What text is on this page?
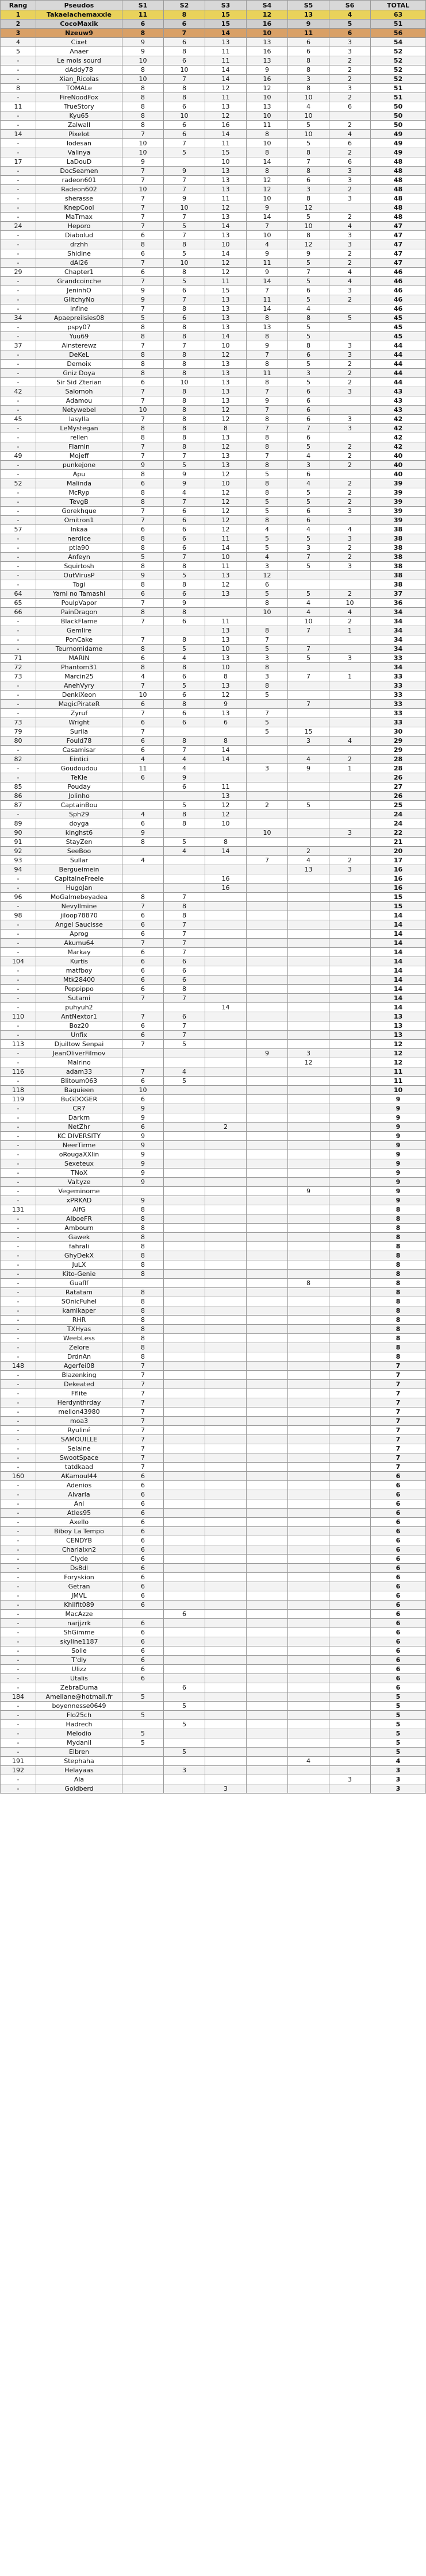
Rang	Pseudos	S1	S2	S3	S4	S5	S6	TOTAL
1	Takaelachemaxxle	11	8	15	12	13	4	63
2	CocoMaxik	6	6	15	16	9	5	51
3	Nzeuw9	8	7	14	10	11	6	56
4	Cixet	9	6	13	13	6	3	54
5	Anaer	9	8	11	16	6	3	52
-	Le mois sourd	10	6	11	13	8	2	52
-	dAddy78	8	10	14	9	8	2	52
-	Xian_Ricolas	10	7	14	16	3	2	52
8	TOMALe	8	8	12	12	8	3	51
-	FireNoodFox	8	8	11	10	10	2	51
11	TrueStory	8	6	13	13	4	6	50
-	Kyu65	8	10	12	10	10		50
-	Zalwall	8	6	16	11	5	2	50
14	Pixelot	7	6	14	8	10	4	49
-	lodesan	10	7	11	10	5	6	49
-	Valinya	10	5	15	8	8	2	49
17	LaDouD	9		10	14	7	6	48
-	DocSeamen	7	9	13	8	8	3	48
-	radeon601	7	7	13	12	6	3	48
-	Radeon602	10	7	13	12	3	2	48
-	sherasse	7	9	11	10	8	3	48
-	KnepCool	7	10	12	9	12		48
-	MaTmax	7	7	13	14	5	2	48
24	Heporo	7	5	14	7	10	4	47
-	Diabolud	6	7	13	10	8	3	47
-	drzhh	8	8	10	4	12	3	47
-	Shidine	6	5	14	9	9	2	47
-	dAl26	7	10	12	11	5	2	47
29	Chapter1	6	8	12	9	7	4	46
-	Grandcoinche	7	5	11	14	5	4	46
-	JeninhO	9	6	15	7	6	3	46
-	GlitchyNo	9	7	13	11	5	2	46
-	InfIne	7	8	13	14	4		46
34	Apaepreilsies08	5	6	13	8	8	5	45
-	pspy07	8	8	13	13	5		45
-	Yuu69	8	8	14	8	5		45
37	Ainsterewz	7	7	10	9	8	3	44
-	DeKeL	8	8	12	7	6	3	44
-	Demoix	8	8	13	8	5	2	44
-	Gniz Doya	8	8	13	11	3	2	44
-	Sir Sid Zterian	6	10	13	8	5	2	44
42	Salomoh	7	8	13	7	6	3	43
-	Adamou	7	8	13	9	6		43
-	Netywebel	10	8	12	7	6		43
45	lasylla	7	8	12	8	6	3	42
-	LeMystegan	8	8	8	7	7	3	42
-	rellen	8	8	13	8	6		42
-	Flamin	7	8	12	8	5	2	42
49	Mojeff	7	7	13	7	4	2	40
-	punkejone	9	5	13	8	3	2	40
-	Apu	8	9	12	5	6		40
52	Malinda	6	9	10	8	4	2	39
-	McRyp	8	4	12	8	5	2	39
-	TevgB	8	7	12	5	5	2	39
-	Gorekhque	7	6	12	5	6	3	39
-	Omitron1	7	6	12	8	6		39
57	Inkaa	6	6	12	4	4	4	38
-	nerdice	8	6	11	5	5	3	38
-	ptla90	8	6	14	5	3	2	38
-	Anfeyn	5	7	10	4	7	2	38
-	Squirtosh	8	8	11	3	5	3	38
-	OutVirusP	9	5	13	12			38
-	Togi	8	8	12	6			38
64	Yami no Tamashi	6	6	13	5	5	2	37
65	PoulpVapor	7	9		8	4	10	36
66	PainDragon	8	8		10	4	4	34
-	BlackFlame	7	6	11		10	2	34
-	Gemlire			13	8	7	1	34
-	PonCake	7	8	13	7			34
-	Teurnomidame	8	5	10	5	7		34
71	MARIN	6	4	13	3	5	3	33
72	Phantom31	8	8	10	8			34
73	Marcin25	4	6	8	3	7	1	33
-	AnehVyry	7	5	13	8			33
-	DenkiXeon	10	6	12	5			33
-	MagicPirateR	6	8	9		7		33
-	Zyruf	7	6	13	7			33
73	Wright	6	6	6	5			33
79	Surila	7			5	15		30
80	Fould78	6	8	8		3	4	29
-	Casamisar	6	7	14				29
82	Eintici	4	4	14		4	2	28
-	Goudoudou	11	4		3	9	1	28
-	TeKle	6	9					26
85	Pouday		6	11				27
86	Jolinho			13				26
87	CaptainBou		5	12	2	5		25
-	Sph29	4	8	12				24
89	doyga	6	8	10				24
90	kinghst6	9			10		3	22
91	StayZen	8	5	8				21
92	SeeBoo		4	14		2		20
93	Sullar	4			7	4	2	17
94	Bergueimein					13	3	16
-	CapitaineFreele			16				16
-	HugoJan			16				16
96	MoGalmebeyadea	8	7					15
-	Nevyllmine	7	8					15
98	jiloop78870	6	8					14
-	Angel Saucisse	6	7					14
-	Aprog	6	7					14
-	Akumu64	7	7					14
-	Markay	6	7					14
104	Kurtis	6	6					14
-	matfboy	6	6					14
-	Mtk28400	6	6					14
-	Peppippo	6	8					14
-	Sutami	7	7					14
-	puhyuh2			14				14
110	AntNextor1	7	6					13
-	Boz20	6	7					13
-	Unfix	6	7					13
113	Djuiltow Senpai	7	5					12
-	JeanOliverFilmov				9	3		12
-	Malrino					12		12
116	adam33	7	4					11
-	Blitoum063	6	5					11
118	Baguieen	10						10
119	BuGDOGER	6						9
-	CR7	9						9
-	Darkrn	9						9
-	NetZhr	6		2				9
-	KC DIVERSITY	9						9
-	NeerTirme	9						9
-	oRougaXXlin	9						9
-	Sexeteux	9						9
-	TNoX	9						9
-	Valtyze	9						9
-	Vegeminome					9		9
-	xPRKAD	9						9
131	AlfG	8						8
-	AlboeFR	8						8
-	Ambourn	8						8
-	Gawek	8						8
-	fahrali	8						8
-	GhyDekX	8						8
-	JuLX	8						8
-	Kito-Genie	8						8
-	Guaflf					8		8
-	Ratatam	8						8
-	SOnicFuhel	8						8
-	kamikaper	8						8
-	RHR	8						8
-	TXHyas	8						8
-	WeebLess	8						8
-	Zelore	8						8
-	DrdnAn	8						8
148	Agerfei08	7						7
-	Blazenking	7						7
-	Dekeated	7						7
-	Fflite	7						7
-	Herdynthrday	7						7
-	mellon43980	7						7
-	moa3	7						7
-	Ryuliné	7						7
-	SAMOUILLE	7						7
-	Selaine	7						7
-	SwootSpace	7						7
-	tatdkaad	7						7
160	AKamoul44	6						6
-	Adenios	6						6
-	Alvarla	6						6
-	Ani	6						6
-	Atles95	6						6
-	Axello	6						6
-	Biboy La Tempo	6						6
-	CENDYB	6						6
-	Charlalxn2	6						6
-	Clyde	6						6
-	Ds8dl	6						6
-	Foryskion	6						6
-	Getran	6						6
-	JMVL	6						6
-	Khilfit089	6						6
-	MacAzze		6					6
-	narjjzrk	6						6
-	ShGimme	6						6
-	skyline1187	6						6
-	Solle	6						6
-	T'dly	6						6
-	Ulizz	6						6
-	Utalis	6						6
-	ZebraDuma		6					6
184	Amellane@hotmail.fr	5						5
-	boyennesse0649		5					5
-	Flo25ch	5						5
-	Hadrech		5					5
-	Melodio	5						5
-	Mydanil	5						5
-	Elbren		5					5
191	Stephaha					4		4
192	Helayaas		3					3
-	Ala						3	3
-	Goldberd			3				3
